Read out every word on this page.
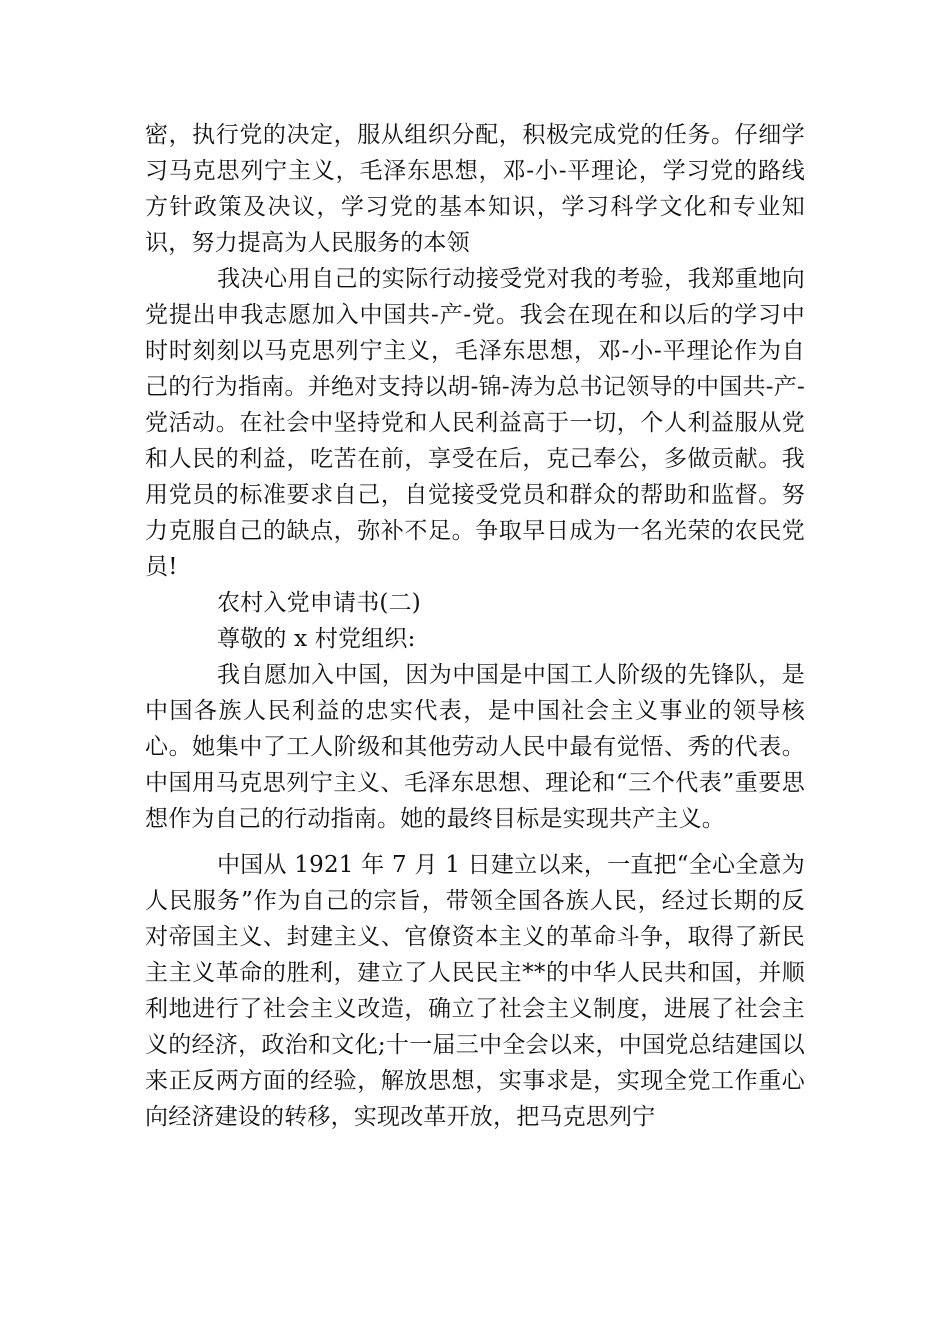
密，执行党的决定，服从组织分配，积极完成党的任务。仔细学习马克思列宁主义，毛泽东思想，邓-小-平理论，学习党的路线方针政策及决议，学习党的基本知识，学习科学文化和专业知识，努力提高为人民服务的本领

我决心用自己的实际行动接受党对我的考验，我郑重地向党提出申我志愿加入中国共-产-党。我会在现在和以后的学习中时时刻刻以马克思列宁主义，毛泽东思想，邓-小-平理论作为自己的行为指南。并绝对支持以胡-锦-涛为总书记领导的中国共-产-党活动。在社会中坚持党和人民利益高于一切，个人利益服从党和人民的利益，吃苦在前，享受在后，克己奉公，多做贡献。我用党员的标准要求自己，自觉接受党员和群众的帮助和监督。努力克服自己的缺点，弥补不足。争取早日成为一名光荣的农民党员!

农村入党申请书(二)

尊敬的 x 村党组织:

我自愿加入中国，因为中国是中国工人阶级的先锋队，是中国各族人民利益的忠实代表，是中国社会主义事业的领导核心。她集中了工人阶级和其他劳动人民中最有觉悟、秀的代表。中国用马克思列宁主义、毛泽东思想、理论和“三个代表”重要思想作为自己的行动指南。她的最终目标是实现共产主义。

中国从 1921 年 7 月 1 日建立以来，一直把“全心全意为人民服务”作为自己的宗旨，带领全国各族人民，经过长期的反对帝国主义、封建主义、官僚资本主义的革命斗争，取得了新民主主义革命的胜利，建立了人民民主**的中华人民共和国，并顺利地进行了社会主义改造，确立了社会主义制度，进展了社会主义的经济，政治和文化;十一届三中全会以来，中国党总结建国以来正反两方面的经验，解放思想，实事求是，实现全党工作重心向经济建设的转移，实现改革开放，把马克思列宁
